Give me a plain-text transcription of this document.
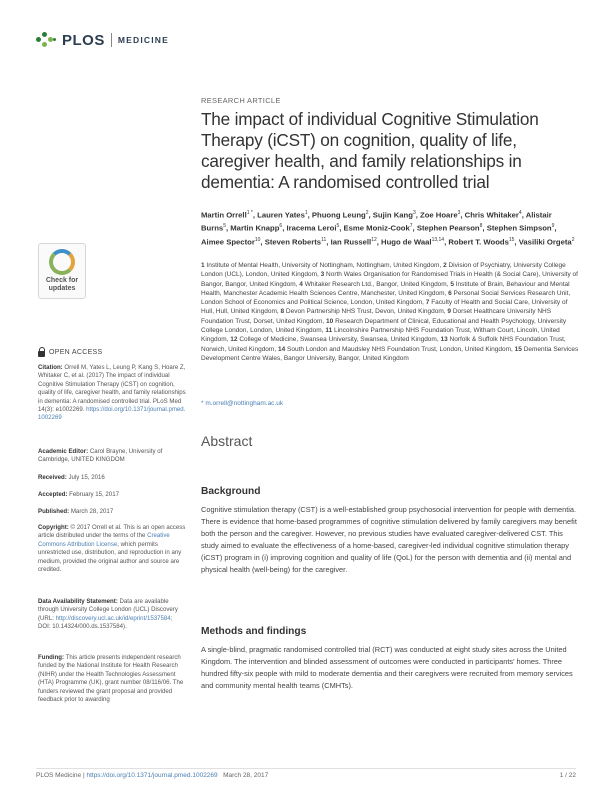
PLOS MEDICINE
Check for updates
OPEN ACCESS
Citation: Orrell M, Yates L, Leung P, Kang S, Hoare Z, Whitaker C, et al. (2017) The impact of individual Cognitive Stimulation Therapy (iCST) on cognition, quality of life, caregiver health, and family relationships in dementia: A randomised controlled trial. PLoS Med 14(3): e1002269. https://doi.org/10.1371/journal.pmed.1002269
Academic Editor: Carol Brayne, University of Cambridge, UNITED KINGDOM
Received: July 15, 2016
Accepted: February 15, 2017
Published: March 28, 2017
Copyright: © 2017 Orrell et al. This is an open access article distributed under the terms of the Creative Commons Attribution License, which permits unrestricted use, distribution, and reproduction in any medium, provided the original author and source are credited.
Data Availability Statement: Data are available through University College London (UCL) Discovery (URL: http://discovery.ucl.ac.uk/id/eprint/1537584; DOI: 10.14324/000.ds.1537584).
Funding: This article presents independent research funded by the National Institute for Health Research (NIHR) under the Health Technologies Assessment (HTA) Programme (UK), grant number 08/116/06. The funders reviewed the grant proposal and provided feedback prior to awarding
RESEARCH ARTICLE
The impact of individual Cognitive Stimulation Therapy (iCST) on cognition, quality of life, caregiver health, and family relationships in dementia: A randomised controlled trial
Martin Orrell$^{1 *}$, Lauren Yates$^1$, Phuong Leung$^2$, Sujin Kang$^3$, Zoe Hoare$^3$, Chris Whitaker$^4$, Alistair Burns$^5$, Martin Knapp$^6$, Iracema Leroi$^5$, Esme Moniz-Cook$^7$, Stephen Pearson$^8$, Stephen Simpson$^9$, Aimee Spector$^{10}$, Steven Roberts$^{11}$, Ian Russell$^{12}$, Hugo de Waal$^{13,14}$, Robert T. Woods$^{15}$, Vasiliki Orgeta$^2$
1 Institute of Mental Health, University of Nottingham, Nottingham, United Kingdom, 2 Division of Psychiatry, University College London (UCL), London, United Kingdom, 3 North Wales Organisation for Randomised Trials in Health (& Social Care), University of Bangor, Bangor, United Kingdom, 4 Whitaker Research Ltd., Bangor, United Kingdom, 5 Institute of Brain, Behaviour and Mental Health, Manchester Academic Health Sciences Centre, Manchester, United Kingdom, 6 Personal Social Services Research Unit, London School of Economics and Political Science, London, United Kingdom, 7 Faculty of Health and Social Care, University of Hull, Hull, United Kingdom, 8 Devon Partnership NHS Trust, Devon, United Kingdom, 9 Dorset Healthcare University NHS Foundation Trust, Dorset, United Kingdom, 10 Research Department of Clinical, Educational and Health Psychology, University College London, London, United Kingdom, 11 Lincolnshire Partnership NHS Foundation Trust, Witham Court, Lincoln, United Kingdom, 12 College of Medicine, Swansea University, Swansea, United Kingdom, 13 Norfolk & Suffolk NHS Foundation Trust, Norwich, United Kingdom, 14 South London and Maudsley NHS Foundation Trust, London, United Kingdom, 15 Dementia Services Development Centre Wales, Bangor University, Bangor, United Kingdom
* m.orrell@nottingham.ac.uk
Abstract
Background

Cognitive stimulation therapy (CST) is a well-established group psychosocial intervention for people with dementia. There is evidence that home-based programmes of cognitive stimulation delivered by family caregivers may benefit both the person and the caregiver. However, no previous studies have evaluated caregiver-delivered CST. This study aimed to evaluate the effectiveness of a home-based, caregiver-led individual cognitive stimulation therapy (iCST) program in (i) improving cognition and quality of life (QoL) for the person with dementia and (ii) mental and physical health (well-being) for the caregiver.

Methods and findings

A single-blind, pragmatic randomised controlled trial (RCT) was conducted at eight study sites across the United Kingdom. The intervention and blinded assessment of outcomes were conducted in participants' homes. Three hundred fifty-six people with mild to moderate dementia and their caregivers were recruited from memory services and community mental health teams (CMHTs).

PLOS Medicine | https://doi.org/10.1371/journal.pmed.1002269 March 28, 2017	1 / 22
